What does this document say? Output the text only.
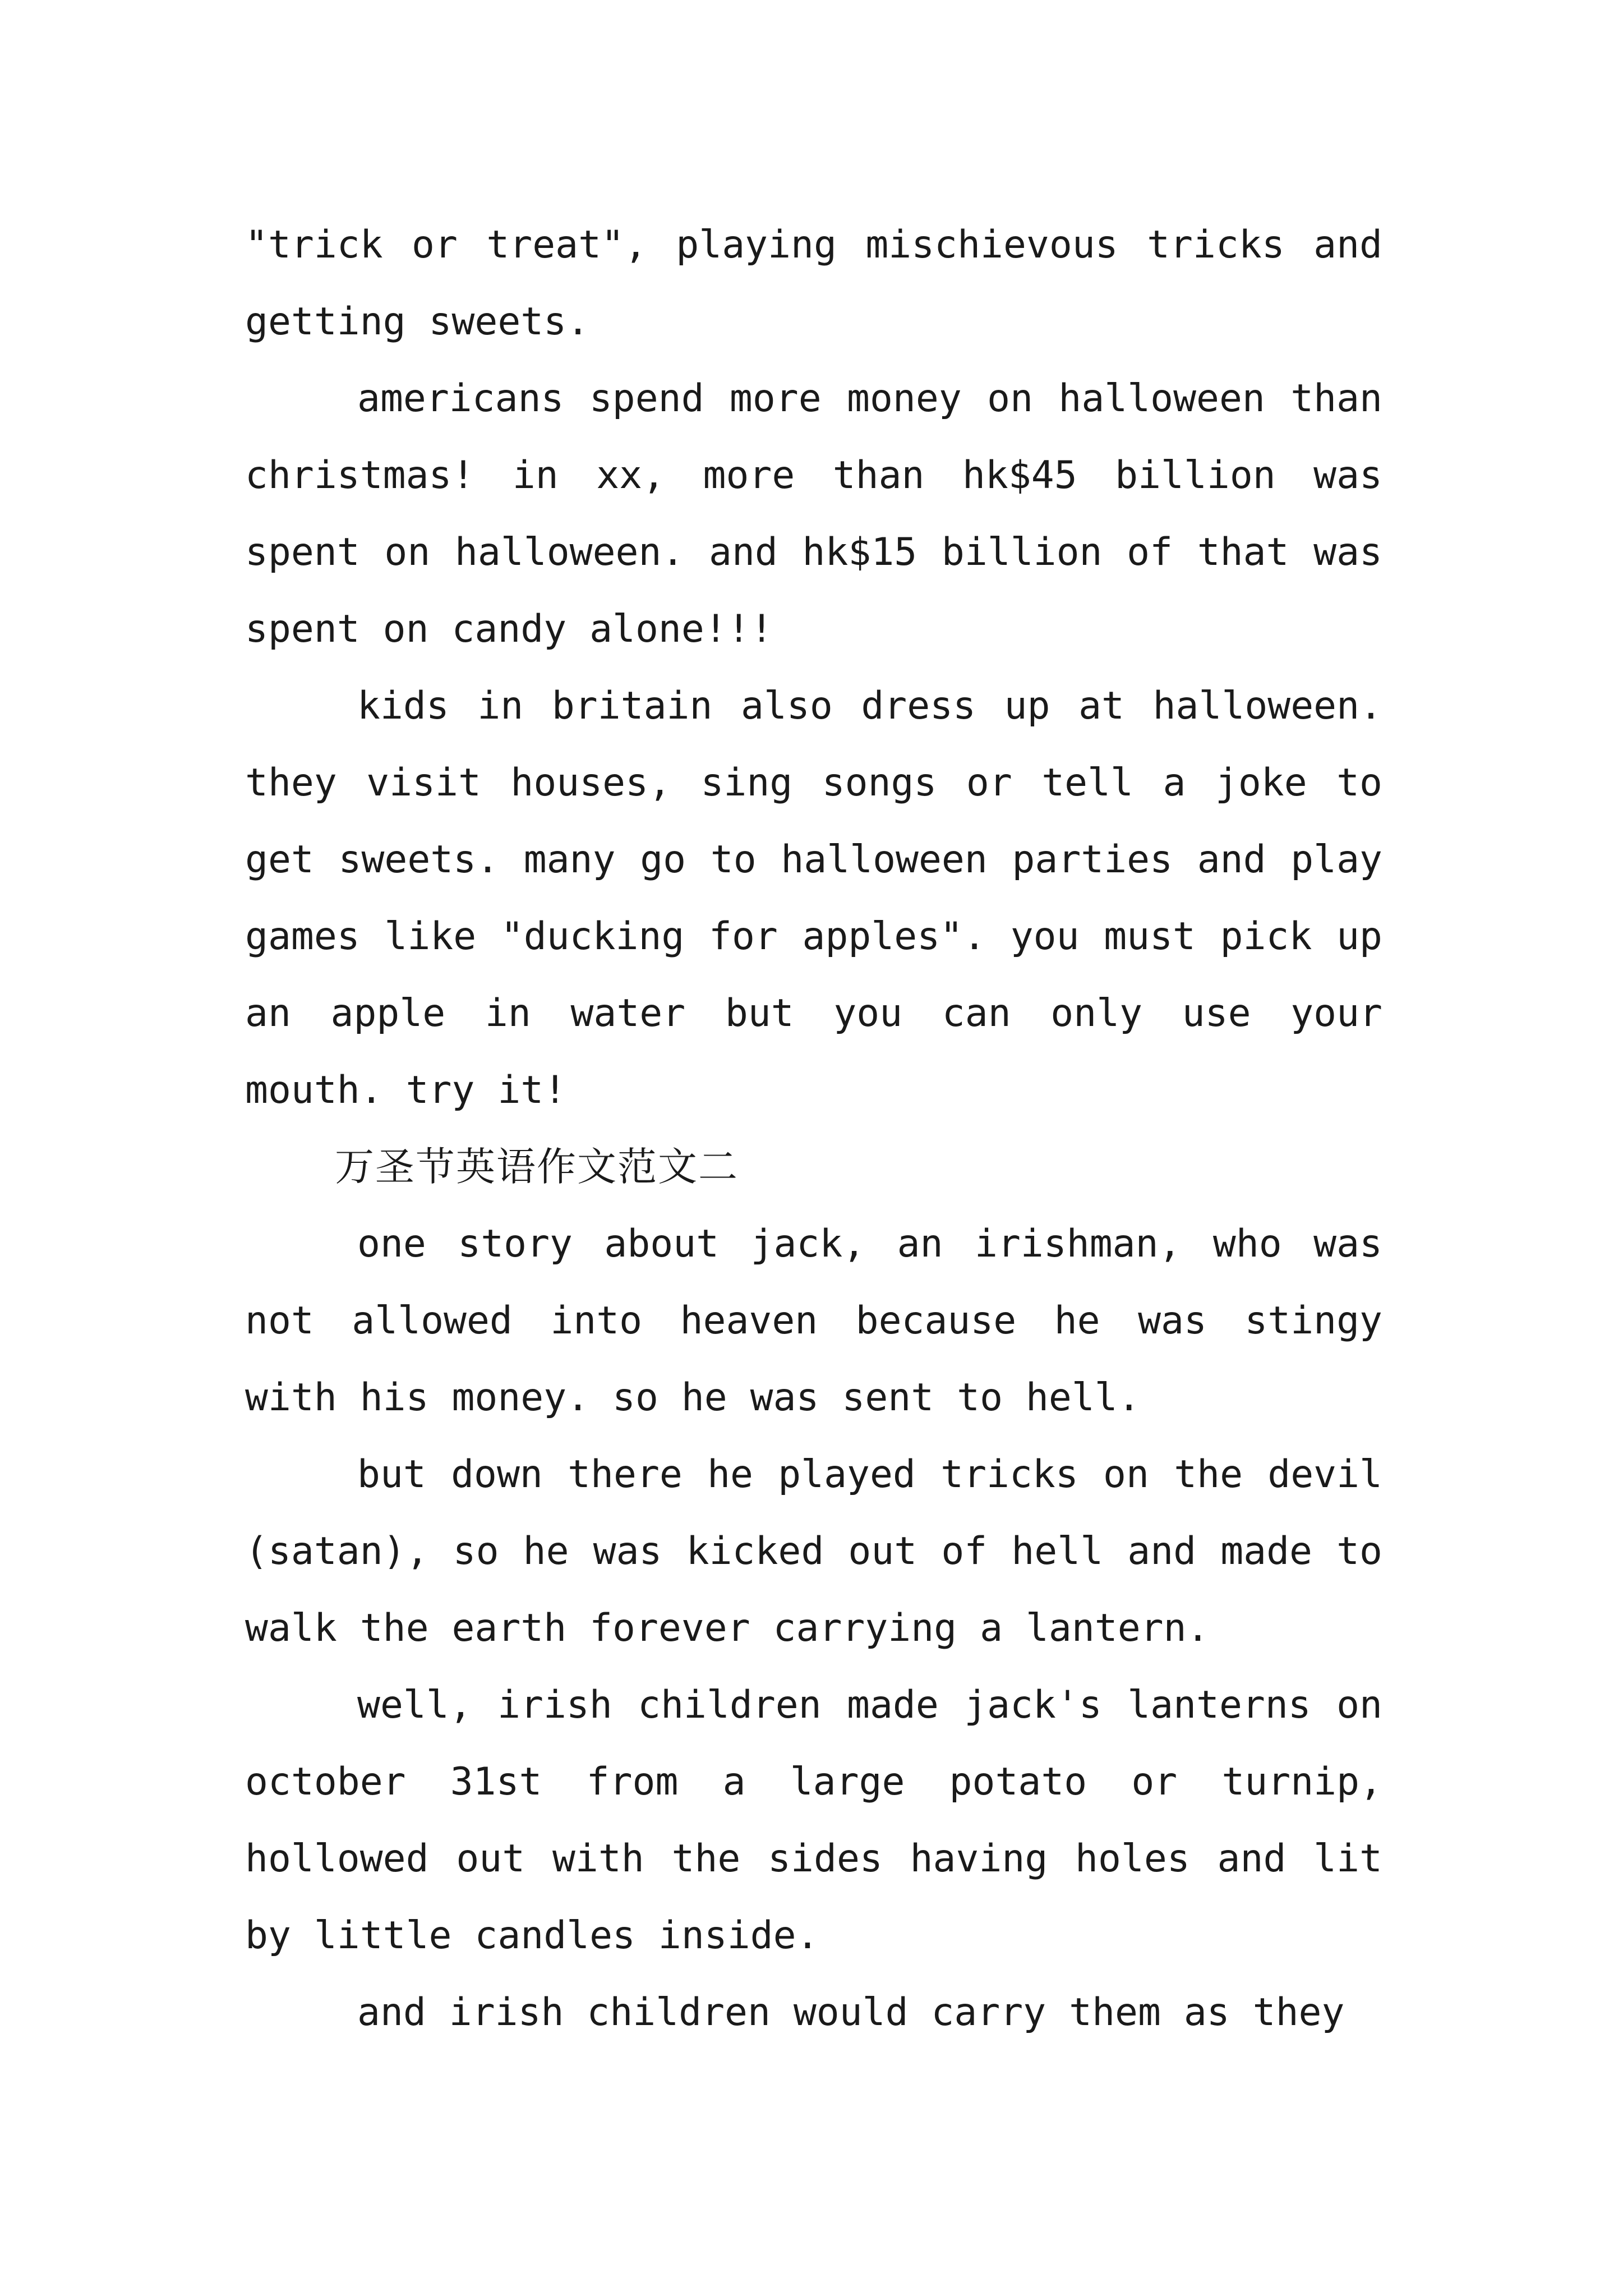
"trick or treat", playing mischievous tricks and getting sweets.

americans spend more money on halloween than christmas! in xx, more than hk$45 billion was spent on halloween. and hk$15 billion of that was spent on candy alone!!!

kids in britain also dress up at halloween. they visit houses, sing songs or tell a joke to get sweets. many go to halloween parties and play games like "ducking for apples". you must pick up an apple in water but you can only use your mouth. try it!

万圣节英语作文范文二

one story about jack, an irishman, who was not allowed into heaven because he was stingy with his money. so he was sent to hell.

but down there he played tricks on the devil (satan), so he was kicked out of hell and made to walk the earth forever carrying a lantern.

well, irish children made jack's lanterns on october 31st from a large potato or turnip, hollowed out with the sides having holes and lit by little candles inside.

and irish children would carry them as they
